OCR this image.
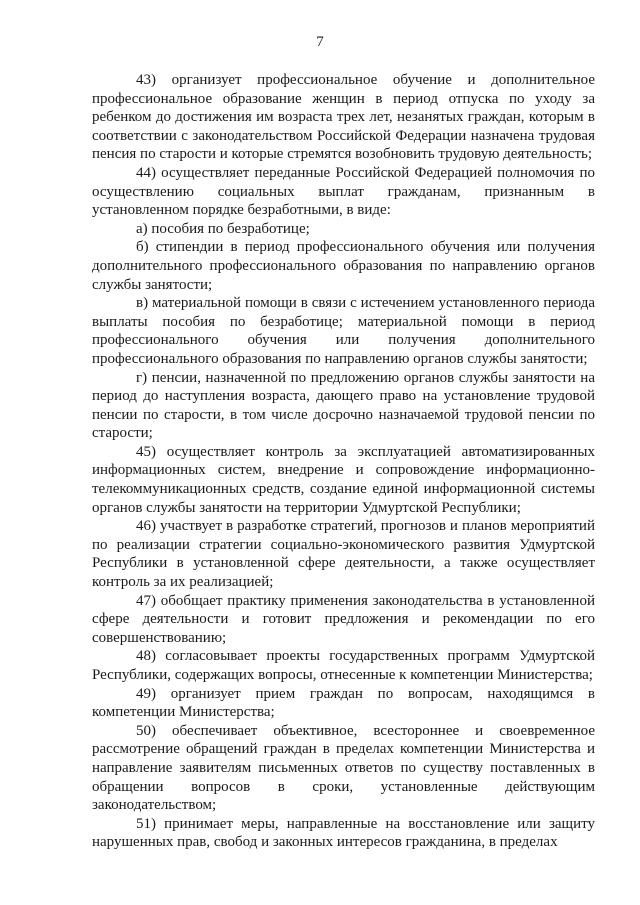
7

43) организует профессиональное обучение и дополнительное профессиональное образование женщин в период отпуска по уходу за ребенком до достижения им возраста трех лет, незанятых граждан, которым в соответствии с законодательством Российской Федерации назначена трудовая пенсия по старости и которые стремятся возобновить трудовую деятельность;

44) осуществляет переданные Российской Федерацией полномочия по осуществлению социальных выплат гражданам, признанным в установленном порядке безработными, в виде:

а) пособия по безработице;

б) стипендии в период профессионального обучения или получения дополнительного профессионального образования по направлению органов службы занятости;

в) материальной помощи в связи с истечением установленного периода выплаты пособия по безработице; материальной помощи в период профессионального обучения или получения дополнительного профессионального образования по направлению органов службы занятости;

г) пенсии, назначенной по предложению органов службы занятости на период до наступления возраста, дающего право на установление трудовой пенсии по старости, в том числе досрочно назначаемой трудовой пенсии по старости;

45) осуществляет контроль за эксплуатацией автоматизированных информационных систем, внедрение и сопровождение информационно-телекоммуникационных средств, создание единой информационной системы органов службы занятости на территории Удмуртской Республики;

46) участвует в разработке стратегий, прогнозов и планов мероприятий по реализации стратегии социально-экономического развития Удмуртской Республики в установленной сфере деятельности, а также осуществляет контроль за их реализацией;

47) обобщает практику применения законодательства в установленной сфере деятельности и готовит предложения и рекомендации по его совершенствованию;

48) согласовывает проекты государственных программ Удмуртской Республики, содержащих вопросы, отнесенные к компетенции Министерства;

49) организует прием граждан по вопросам, находящимся в компетенции Министерства;

50) обеспечивает объективное, всестороннее и своевременное рассмотрение обращений граждан в пределах компетенции Министерства и направление заявителям письменных ответов по существу поставленных в обращении вопросов в сроки, установленные действующим законодательством;

51) принимает меры, направленные на восстановление или защиту нарушенных прав, свобод и законных интересов гражданина, в пределах
